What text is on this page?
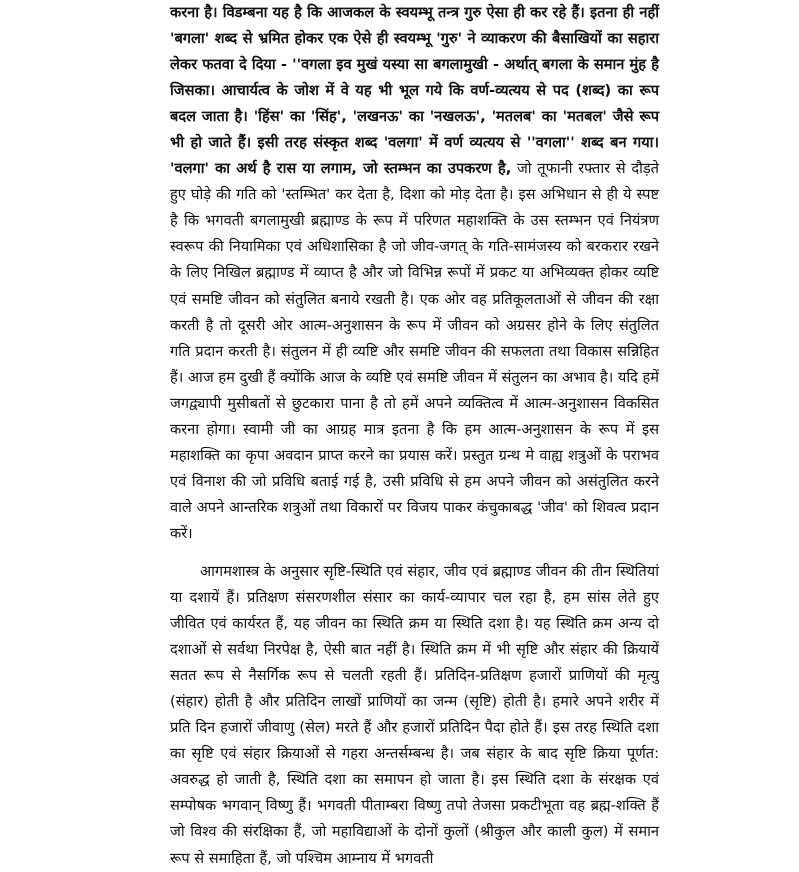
करना है। विडम्बना यह है कि आजकल के स्वयम्भू तन्त्र गुरु ऐसा ही कर रहे हैं। इतना ही नहीं 'बगला' शब्द से भ्रमित होकर एक ऐसे ही स्वयम्भू 'गुरु' ने व्याकरण की बैसाखियों का सहारा लेकर फतवा दे दिया - ''वगला इव मुखं यस्या सा बगलामुखी - अर्थात् बगला के समान मुंह है जिसका। आचार्यत्व के जोश में वे यह भी भूल गये कि वर्ण-व्यत्यय से पद (शब्द) का रूप बदल जाता है। 'हिंस' का 'सिंह', 'लखनऊ' का 'नखलऊ', 'मतलब' का 'मतबल' जैसे रूप भी हो जाते हैं। इसी तरह संस्कृत शब्द 'वलगा' में वर्ण व्यत्यय से ''वगला'' शब्द बन गया। 'वलगा' का अर्थ है रास या लगाम, जो स्तम्भन का उपकरण है, जो तूफानी रफ्तार से दौड़ते हुए घोड़े की गति को 'स्तम्भित' कर देता है, दिशा को मोड़ देता है। इस अभिधान से ही ये स्पष्ट है कि भगवती बगलामुखी ब्रह्माण्ड के रूप में परिणत महाशक्ति के उस स्तम्भन एवं नियंत्रण स्वरूप की नियामिका एवं अधिशासिका है जो जीव-जगत् के गति-सामंजस्य को बरकरार रखने के लिए निखिल ब्रह्माण्ड में व्याप्त है और जो विभिन्न रूपों में प्रकट या अभिव्यक्त होकर व्यष्टि एवं समष्टि जीवन को संतुलित बनाये रखती है। एक ओर वह प्रतिकूलताओं से जीवन की रक्षा करती है तो दूसरी ओर आत्म-अनुशासन के रूप में जीवन को अग्रसर होने के लिए संतुलित गति प्रदान करती है। संतुलन में ही व्यष्टि और समष्टि जीवन की सफलता तथा विकास सन्निहित हैं। आज हम दुखी हैं क्योंकि आज के व्यष्टि एवं समष्टि जीवन में संतुलन का अभाव है। यदि हमें जगद्व्यापी मुसीबतों से छुटकारा पाना है तो हमें अपने व्यक्तित्व में आत्म-अनुशासन विकसित करना होगा। स्वामी जी का आग्रह मात्र इतना है कि हम आत्म-अनुशासन के रूप में इस महाशक्ति का कृपा अवदान प्राप्त करने का प्रयास करें। प्रस्तुत ग्रन्थ मे वाह्य शत्रुओं के पराभव एवं विनाश की जो प्रविधि बताई गई है, उसी प्रविधि से हम अपने जीवन को असंतुलित करने वाले अपने आन्तरिक शत्रुओं तथा विकारों पर विजय पाकर कंचुकाबद्ध 'जीव' को शिवत्व प्रदान करें।

आगमशास्त्र के अनुसार सृष्टि-स्थिति एवं संहार, जीव एवं ब्रह्माण्ड जीवन की तीन स्थितियां या दशायें हैं। प्रतिक्षण संसरणशील संसार का कार्य-व्यापार चल रहा है, हम सांस लेते हुए जीवित एवं कार्यरत हैं, यह जीवन का स्थिति क्रम या स्थिति दशा है। यह स्थिति क्रम अन्य दो दशाओं से सर्वथा निरपेक्ष है, ऐसी बात नहीं है। स्थिति क्रम में भी सृष्टि और संहार की क्रियायें सतत रूप से नैसर्गिक रूप से चलती रहती हैं। प्रतिदिन-प्रतिक्षण हजारों प्राणियों की मृत्यु (संहार) होती है और प्रतिदिन लाखों प्राणियों का जन्म (सृष्टि) होती है। हमारे अपने शरीर में प्रति दिन हजारों जीवाणु (सेल) मरते हैं और हजारों प्रतिदिन पैदा होते हैं। इस तरह स्थिति दशा का सृष्टि एवं संहार क्रियाओं से गहरा अन्तर्सम्बन्ध है। जब संहार के बाद सृष्टि क्रिया पूर्णत: अवरुद्ध हो जाती है, स्थिति दशा का समापन हो जाता है। इस स्थिति दशा के संरक्षक एवं सम्पोषक भगवान् विष्णु हैं। भगवती पीताम्बरा विष्णु तपो तेजसा प्रकटीभूता वह ब्रह्म-शक्ति हैं जो विश्व की संरक्षिका हैं, जो महाविद्याओं के दोनों कुलों (श्रीकुल और काली कुल) में समान रूप से समाहिता हैं, जो पश्चिम आम्नाय में भगवती
